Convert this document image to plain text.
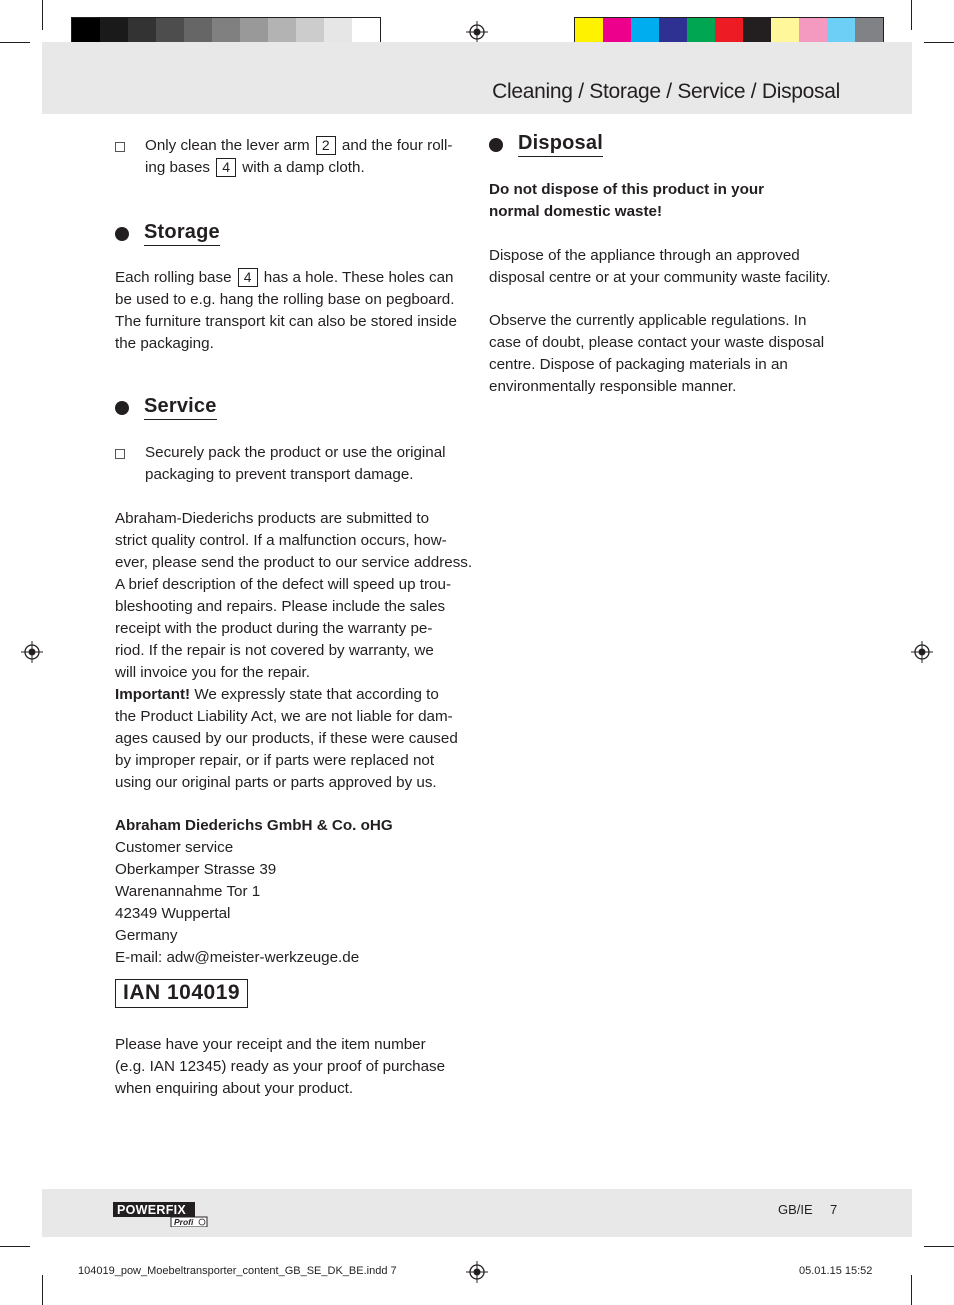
Cleaning / Storage / Service / Disposal
Only clean the lever arm 2 and the four roll-
ing bases 4 with a damp cloth.
Storage
Each rolling base 4 has a hole. These holes can
be used to e.g. hang the rolling base on pegboard.
The furniture transport kit can also be stored inside
the packaging.
Service
Securely pack the product or use the original
packaging to prevent transport damage.
Abraham-Diederichs products are submitted to
strict quality control. If a malfunction occurs, how-
ever, please send the product to our service address.
A brief description of the defect will speed up trou-
bleshooting and repairs. Please include the sales
receipt with the product during the warranty pe-
riod. If the repair is not covered by warranty, we
will invoice you for the repair.
Important! We expressly state that according to
the Product Liability Act, we are not liable for dam-
ages caused by our products, if these were caused
by improper repair, or if parts were replaced not
using our original parts or parts approved by us.
Abraham Diederichs GmbH & Co. oHG
Customer service
Oberkamper Strasse 39
Warenannahme Tor 1
42349 Wuppertal
Germany
E-mail: adw@meister-werkzeuge.de
IAN 104019
Please have your receipt and the item number
(e.g. IAN 12345) ready as your proof of purchase
when enquiring about your product.
Disposal
Do not dispose of this product in your
normal domestic waste!
Dispose of the appliance through an approved
disposal centre or at your community waste facility.
Observe the currently applicable regulations. In
case of doubt, please contact your waste disposal
centre. Dispose of packaging materials in an
environmentally responsible manner.
POWERFIX
Profi
GB/IE 7
104019_pow_Moebeltransporter_content_GB_SE_DK_BE.indd 7	05.01.15 15:52
